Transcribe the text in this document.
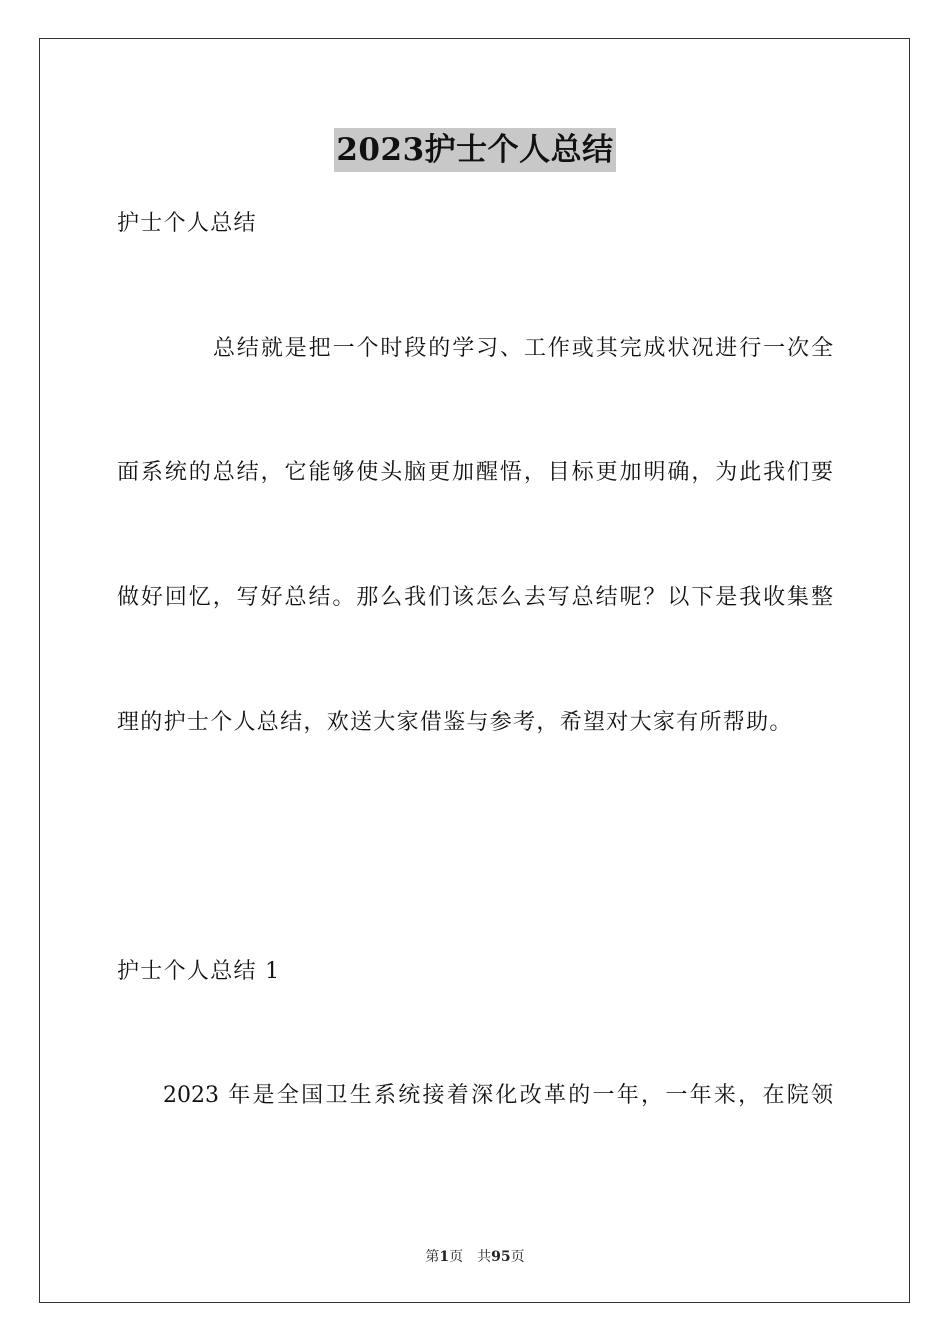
2023护士个人总结
护士个人总结
总结就是把一个时段的学习、工作或其完成状况进行一次全
面系统的总结，它能够使头脑更加醒悟，目标更加明确，为此我们要
做好回忆，写好总结。那么我们该怎么去写总结呢？以下是我收集整
理的护士个人总结，欢送大家借鉴与参考，希望对大家有所帮助。
护士个人总结 1
2023 年是全国卫生系统接着深化改革的一年，一年来，在院领
第1页 共95页
